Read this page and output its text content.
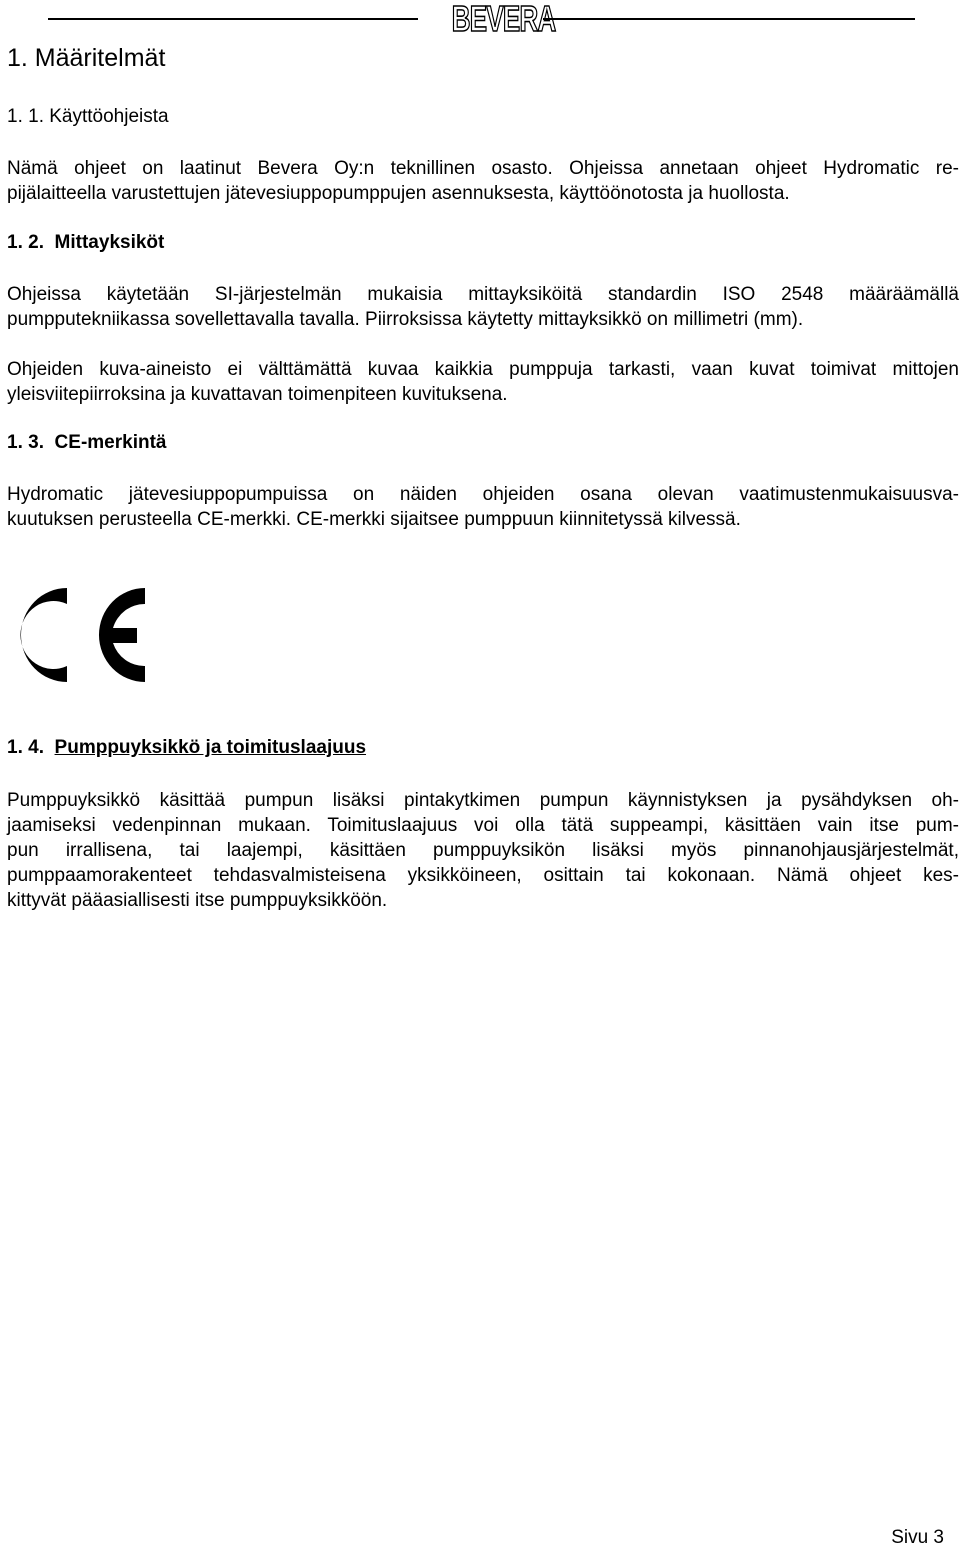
BEVERA
1. Määritelmät
1. 1. Käyttöohjeista
Nämä ohjeet on laatinut Bevera Oy:n teknillinen osasto. Ohjeissa annetaan ohjeet Hydromatic re-
pijälaitteella varustettujen jätevesiuppopumppujen asennuksesta, käyttöönotosta ja huollosta.
1. 2. Mittayksiköt
Ohjeissa käytetään SI-järjestelmän mukaisia mittayksiköitä standardin ISO 2548 määräämällä
pumpputekniikassa sovellettavalla tavalla. Piirroksissa käytetty mittayksikkö on millimetri (mm).
Ohjeiden kuva-aineisto ei välttämättä kuvaa kaikkia pumppuja tarkasti, vaan kuvat toimivat mittojen
yleisviitepiirroksina ja kuvattavan toimenpiteen kuvituksena.
1. 3. CE-merkintä
Hydromatic jätevesiuppopumpuissa on näiden ohjeiden osana olevan vaatimustenmukaisuusva-
kuutuksen perusteella CE-merkki. CE-merkki sijaitsee pumppuun kiinnitetyssä kilvessä.
1. 4. Pumppuyksikkö ja toimituslaajuus
Pumppuyksikkö käsittää pumpun lisäksi pintakytkimen pumpun käynnistyksen ja pysähdyksen oh-
jaamiseksi vedenpinnan mukaan. Toimituslaajuus voi olla tätä suppeampi, käsittäen vain itse pum-
pun irrallisena, tai laajempi, käsittäen pumppuyksikön lisäksi myös pinnanohjausjärjestelmät,
pumppaamorakenteet tehdasvalmisteisena yksikköineen, osittain tai kokonaan. Nämä ohjeet kes-
kittyvät pääasiallisesti itse pumppuyksikköön.
Sivu 3
